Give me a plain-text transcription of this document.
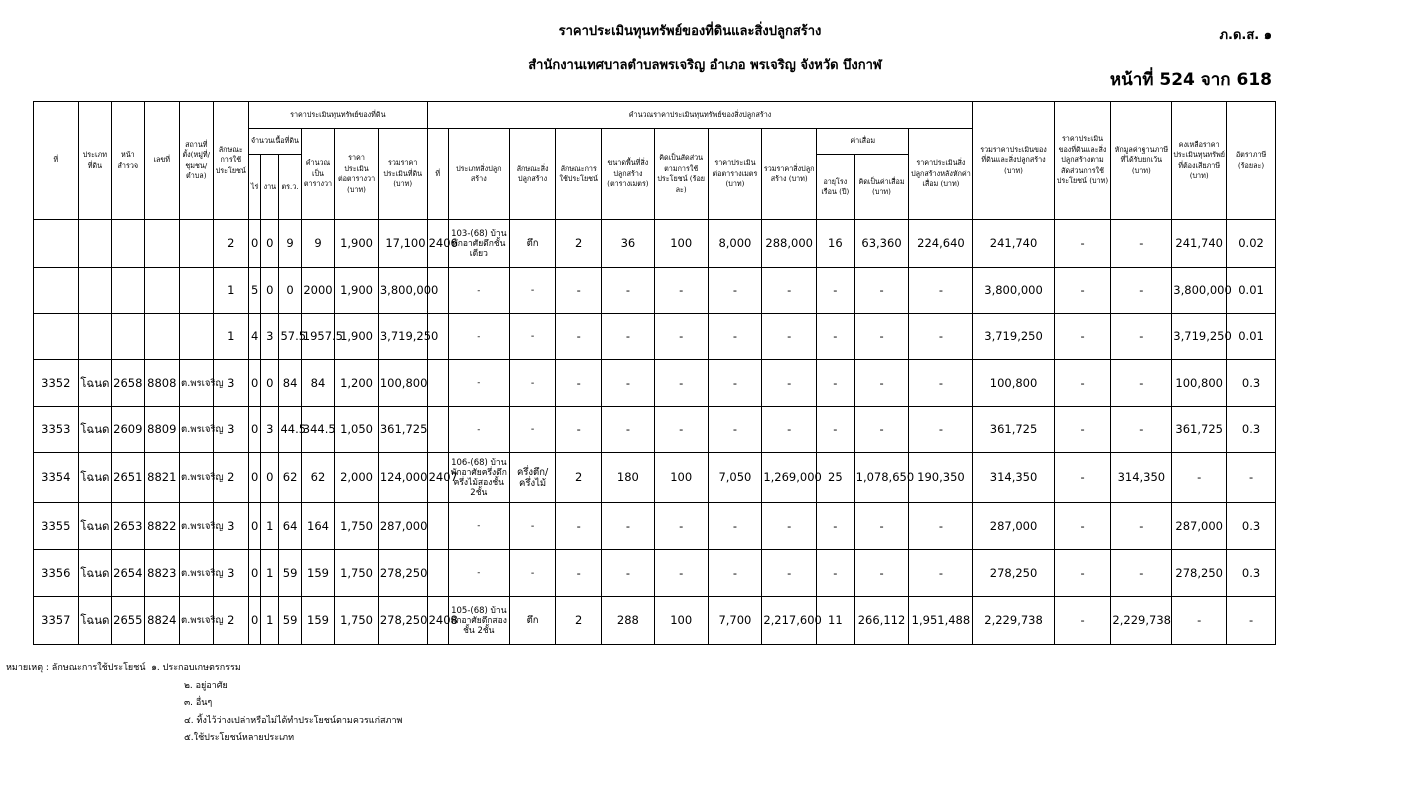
ราคาประเมินทุนทรัพย์ของที่ดินและสิ่งปลูกสร้าง
สำนักงานเทศบาลตำบลพรเจริญ อำเภอ พรเจริญ จังหวัด บึงกาฬ
ภ.ด.ส. ๑
หน้าที่ 524 จาก 618
ที่	ประเภทที่ดิน	หน้าสำรวจ	เลขที่	สถานที่ตั้ง(หมู่ที่/ชุมชน/ตำบล)	ลักษณะการใช้ประโยชน์	ราคาประเมินทุนทรัพย์ของที่ดิน						คำนวณราคาประเมินทุนทรัพย์ของสิ่งปลูกสร้าง											รวมราคาประเมินของที่ดินและสิ่งปลูกสร้าง (บาท)	ราคาประเมินของที่ดินและสิ่งปลูกสร้างตามสัดส่วนการใช้ประโยชน์ (บาท)	หักมูลค่าฐานภาษีที่ได้รับยกเว้น (บาท)	คงเหลือราคาประเมินทุนทรัพย์ที่ต้องเสียภาษี (บาท)	อัตราภาษี (ร้อยละ)
						จำนวนเนื้อที่ดิน			คำนวณเป็นตารางวา	ราคาประเมินต่อตารางวา (บาท)	รวมราคาประเมินที่ดิน (บาท)	ที่	ประเภทสิ่งปลูกสร้าง	ลักษณะสิ่งปลูกสร้าง	ลักษณะการใช้ประโยชน์	ขนาดพื้นที่สิ่งปลูกสร้าง (ตารางเมตร)	คิดเป็นสัดส่วนตามการใช้ประโยชน์ (ร้อยละ)	ราคาประเมินต่อตารางเมตร (บาท)	รวมราคาสิ่งปลูกสร้าง (บาท)	ค่าเสื่อม		ราคาประเมินสิ่งปลูกสร้างหลังหักค่าเสื่อม (บาท)					
						ไร่	งาน	ตร.ว.												อายุโรงเรือน (ปี)	คิดเป็นค่าเสื่อม (บาท)						
					2	0	0	9	9	1,900	17,100	2406	103-(68) บ้านพักอาศัยตึกชั้นเดียว	ตึก	2	36	100	8,000	288,000	16	63,360	224,640	241,740	-	-	241,740	0.02
					1	5	0	0	2000	1,900	3,800,000		-	-	-	-	-	-	-	-	-	-	3,800,000	-	-	3,800,000	0.01
					1	4	3	57.5	1957.5	1,900	3,719,250		-	-	-	-	-	-	-	-	-	-	3,719,250	-	-	3,719,250	0.01
3352	โฉนด	2658	8808	ต.พรเจริญ	3	0	0	84	84	1,200	100,800		-	-	-	-	-	-	-	-	-	-	100,800	-	-	100,800	0.3
3353	โฉนด	2609	8809	ต.พรเจริญ	3	0	3	44.5	344.5	1,050	361,725		-	-	-	-	-	-	-	-	-	-	361,725	-	-	361,725	0.3
3354	โฉนด	2651	8821	ต.พรเจริญ	2	0	0	62	62	2,000	124,000	2407	106-(68) บ้านพักอาศัยครึ่งตึกครึ่งไม้สองชั้น 2ชั้น	ครึ่งตึก/ครึ่งไม้	2	180	100	7,050	1,269,000	25	1,078,650	190,350	314,350	-	314,350	-	-
3355	โฉนด	2653	8822	ต.พรเจริญ	3	0	1	64	164	1,750	287,000		-	-	-	-	-	-	-	-	-	-	287,000	-	-	287,000	0.3
3356	โฉนด	2654	8823	ต.พรเจริญ	3	0	1	59	159	1,750	278,250		-	-	-	-	-	-	-	-	-	-	278,250	-	-	278,250	0.3
3357	โฉนด	2655	8824	ต.พรเจริญ	2	0	1	59	159	1,750	278,250	2408	105-(68) บ้านพักอาศัยตึกสองชั้น 2ชั้น	ตึก	2	288	100	7,700	2,217,600	11	266,112	1,951,488	2,229,738	-	2,229,738	-	-
หมายเหตุ : ลักษณะการใช้ประโยชน์ ๑. ประกอบเกษตรกรรม
๒. อยู่อาศัย
๓. อื่นๆ
๔. ทิ้งไว้ว่างเปล่าหรือไม่ได้ทำประโยชน์ตามควรแก่สภาพ
๕.ใช้ประโยชน์หลายประเภท
